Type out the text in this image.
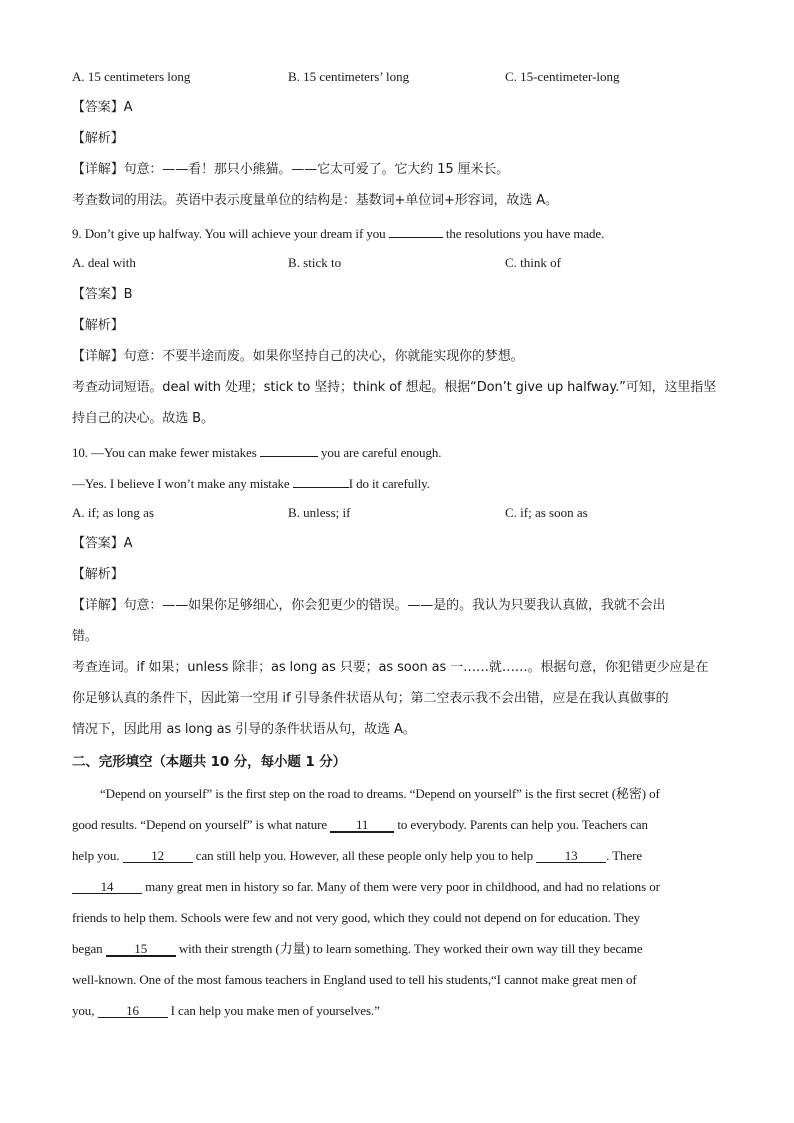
A. 15 centimeters long	B. 15 centimeters’ long	C. 15-centimeter-long
【答案】A
【解析】
【详解】句意：——看！那只小熊猫。——它太可爱了。它大约 15 厘米长。
考查数词的用法。英语中表示度量单位的结构是：基数词+单位词+形容词，故选 A。
9. Don’t give up halfway. You will achieve your dream if you	the resolutions you have made.
A. deal with	B. stick to	C. think of
【答案】B
【解析】
【详解】句意：不要半途而废。如果你坚持自己的决心，你就能实现你的梦想。
考查动词短语。deal with 处理；stick to 坚持；think of 想起。根据“Don’t give up halfway.”可知，这里指坚
持自己的决心。故选 B。
10. —You can make fewer mistakes	you are careful enough.
—Yes. I believe I won’t make any mistake	I do it carefully.
A. if; as long as	B. unless; if	C. if; as soon as
【答案】A
【解析】
【详解】句意：——如果你足够细心，你会犯更少的错误。——是的。我认为只要我认真做，我就不会出
错。
考查连词。if 如果；unless 除非；as long as 只要；as soon as 一……就……。根据句意，你犯错更少应是在
你足够认真的条件下，因此第一空用 if 引导条件状语从句；第二空表示我不会出错，应是在我认真做事的
情况下，因此用 as long as 引导的条件状语从句，故选 A。
二、完形填空（本题共 10 分，每小题 1 分）
“Depend on yourself” is the first step on the road to dreams. “Depend on yourself” is the first secret (秘密) of
good results. “Depend on yourself” is what nature 11 to everybody. Parents can help you. Teachers can
help you. 12 can still help you. However, all these people only help you to help 13 . There
14 many great men in history so far. Many of them were very poor in childhood, and had no relations or
friends to help them. Schools were few and not very good, which they could not depend on for education. They
began 15 with their strength (力量) to learn something. They worked their own way till they became
well-known. One of the most famous teachers in England used to tell his students,“I cannot make great men of
you, 16 I can help you make men of yourselves.”
